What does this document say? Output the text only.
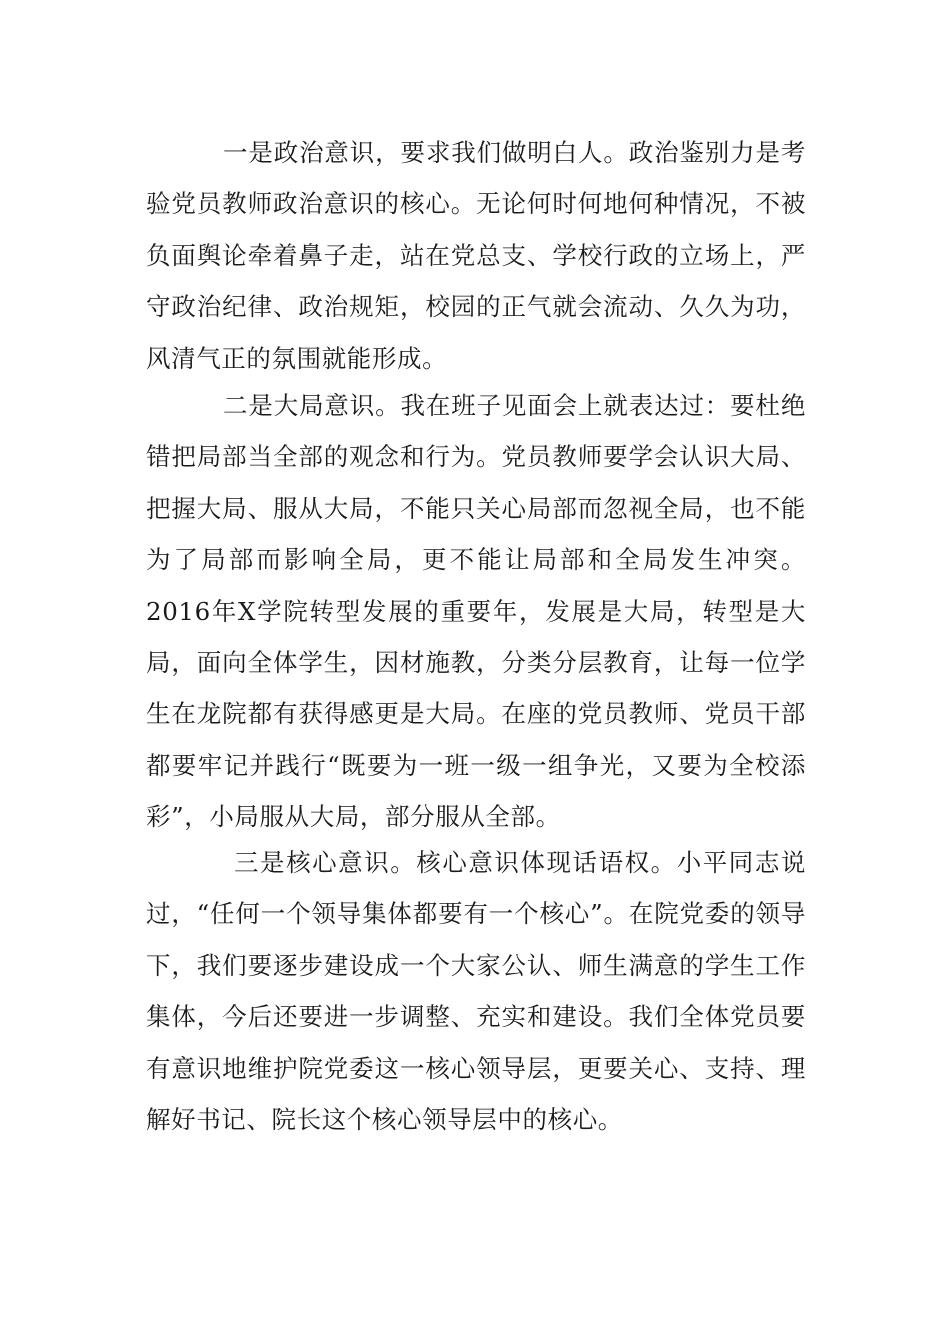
一是政治意识，要求我们做明白人。政治鉴别力是考验党员教师政治意识的核心。无论何时何地何种情况，不被负面舆论牵着鼻子走，站在党总支、学校行政的立场上，严守政治纪律、政治规矩，校园的正气就会流动、久久为功，风清气正的氛围就能形成。

二是大局意识。我在班子见面会上就表达过：要杜绝错把局部当全部的观念和行为。党员教师要学会认识大局、把握大局、服从大局，不能只关心局部而忽视全局，也不能为了局部而影响全局，更不能让局部和全局发生冲突。2016年X学院转型发展的重要年，发展是大局，转型是大局，面向全体学生，因材施教，分类分层教育，让每一位学生在龙院都有获得感更是大局。在座的党员教师、党员干部都要牢记并践行“既要为一班一级一组争光，又要为全校添彩”，小局服从大局，部分服从全部。

三是核心意识。核心意识体现话语权。小平同志说过，“任何一个领导集体都要有一个核心”。在院党委的领导下，我们要逐步建设成一个大家公认、师生满意的学生工作集体，今后还要进一步调整、充实和建设。我们全体党员要有意识地维护院党委这一核心领导层，更要关心、支持、理解好书记、院长这个核心领导层中的核心。
